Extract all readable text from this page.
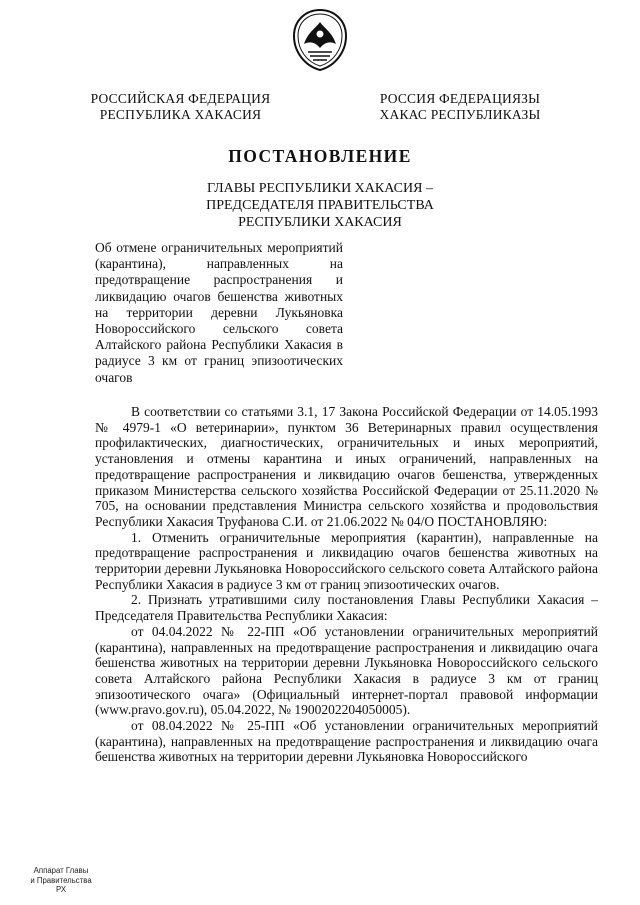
РОССИЙСКАЯ ФЕДЕРАЦИЯ
РЕСПУБЛИКА ХАКАСИЯ
РОССИЯ ФЕДЕРАЦИЯЗЫ
ХАКАС РЕСПУБЛИКАЗЫ
ПОСТАНОВЛЕНИЕ
ГЛАВЫ РЕСПУБЛИКИ ХАКАСИЯ –
ПРЕДСЕДАТЕЛЯ ПРАВИТЕЛЬСТВА
РЕСПУБЛИКИ ХАКАСИЯ
Об отмене ограничительных мероприятий (карантина), направленных на предотвращение распространения и ликвидацию очагов бешенства животных на территории деревни Лукьяновка Новороссийского сельского совета Алтайского района Республики Хакасия в радиусе 3 км от границ эпизоотических очагов

В соответствии со статьями 3.1, 17 Закона Российской Федерации от 14.05.1993 № 4979-1 «О ветеринарии», пунктом 36 Ветеринарных правил осуществления профилактических, диагностических, ограничительных и иных мероприятий, установления и отмены карантина и иных ограничений, направленных на предотвращение распространения и ликвидацию очагов бешенства, утвержденных приказом Министерства сельского хозяйства Российской Федерации от 25.11.2020 № 705, на основании представления Министра сельского хозяйства и продовольствия Республики Хакасия Труфанова С.И. от 21.06.2022 № 04/О ПОСТАНОВЛЯЮ:

1. Отменить ограничительные мероприятия (карантин), направленные на предотвращение распространения и ликвидацию очагов бешенства животных на территории деревни Лукьяновка Новороссийского сельского совета Алтайского района Республики Хакасия в радиусе 3 км от границ эпизоотических очагов.

2. Признать утратившими силу постановления Главы Республики Хакасия – Председателя Правительства Республики Хакасия:

от 04.04.2022 № 22-ПП «Об установлении ограничительных мероприятий (карантина), направленных на предотвращение распространения и ликвидацию очага бешенства животных на территории деревни Лукьяновка Новороссийского сельского совета Алтайского района Республики Хакасия в радиусе 3 км от границ эпизоотического очага» (Официальный интернет-портал правовой информации (www.pravo.gov.ru), 05.04.2022, № 1900202204050005).

от 08.04.2022 № 25-ПП «Об установлении ограничительных мероприятий (карантина), направленных на предотвращение распространения и ликвидацию очага бешенства животных на территории деревни Лукьяновка Новороссийского

Аппарат Главы
и Правительства РХ
